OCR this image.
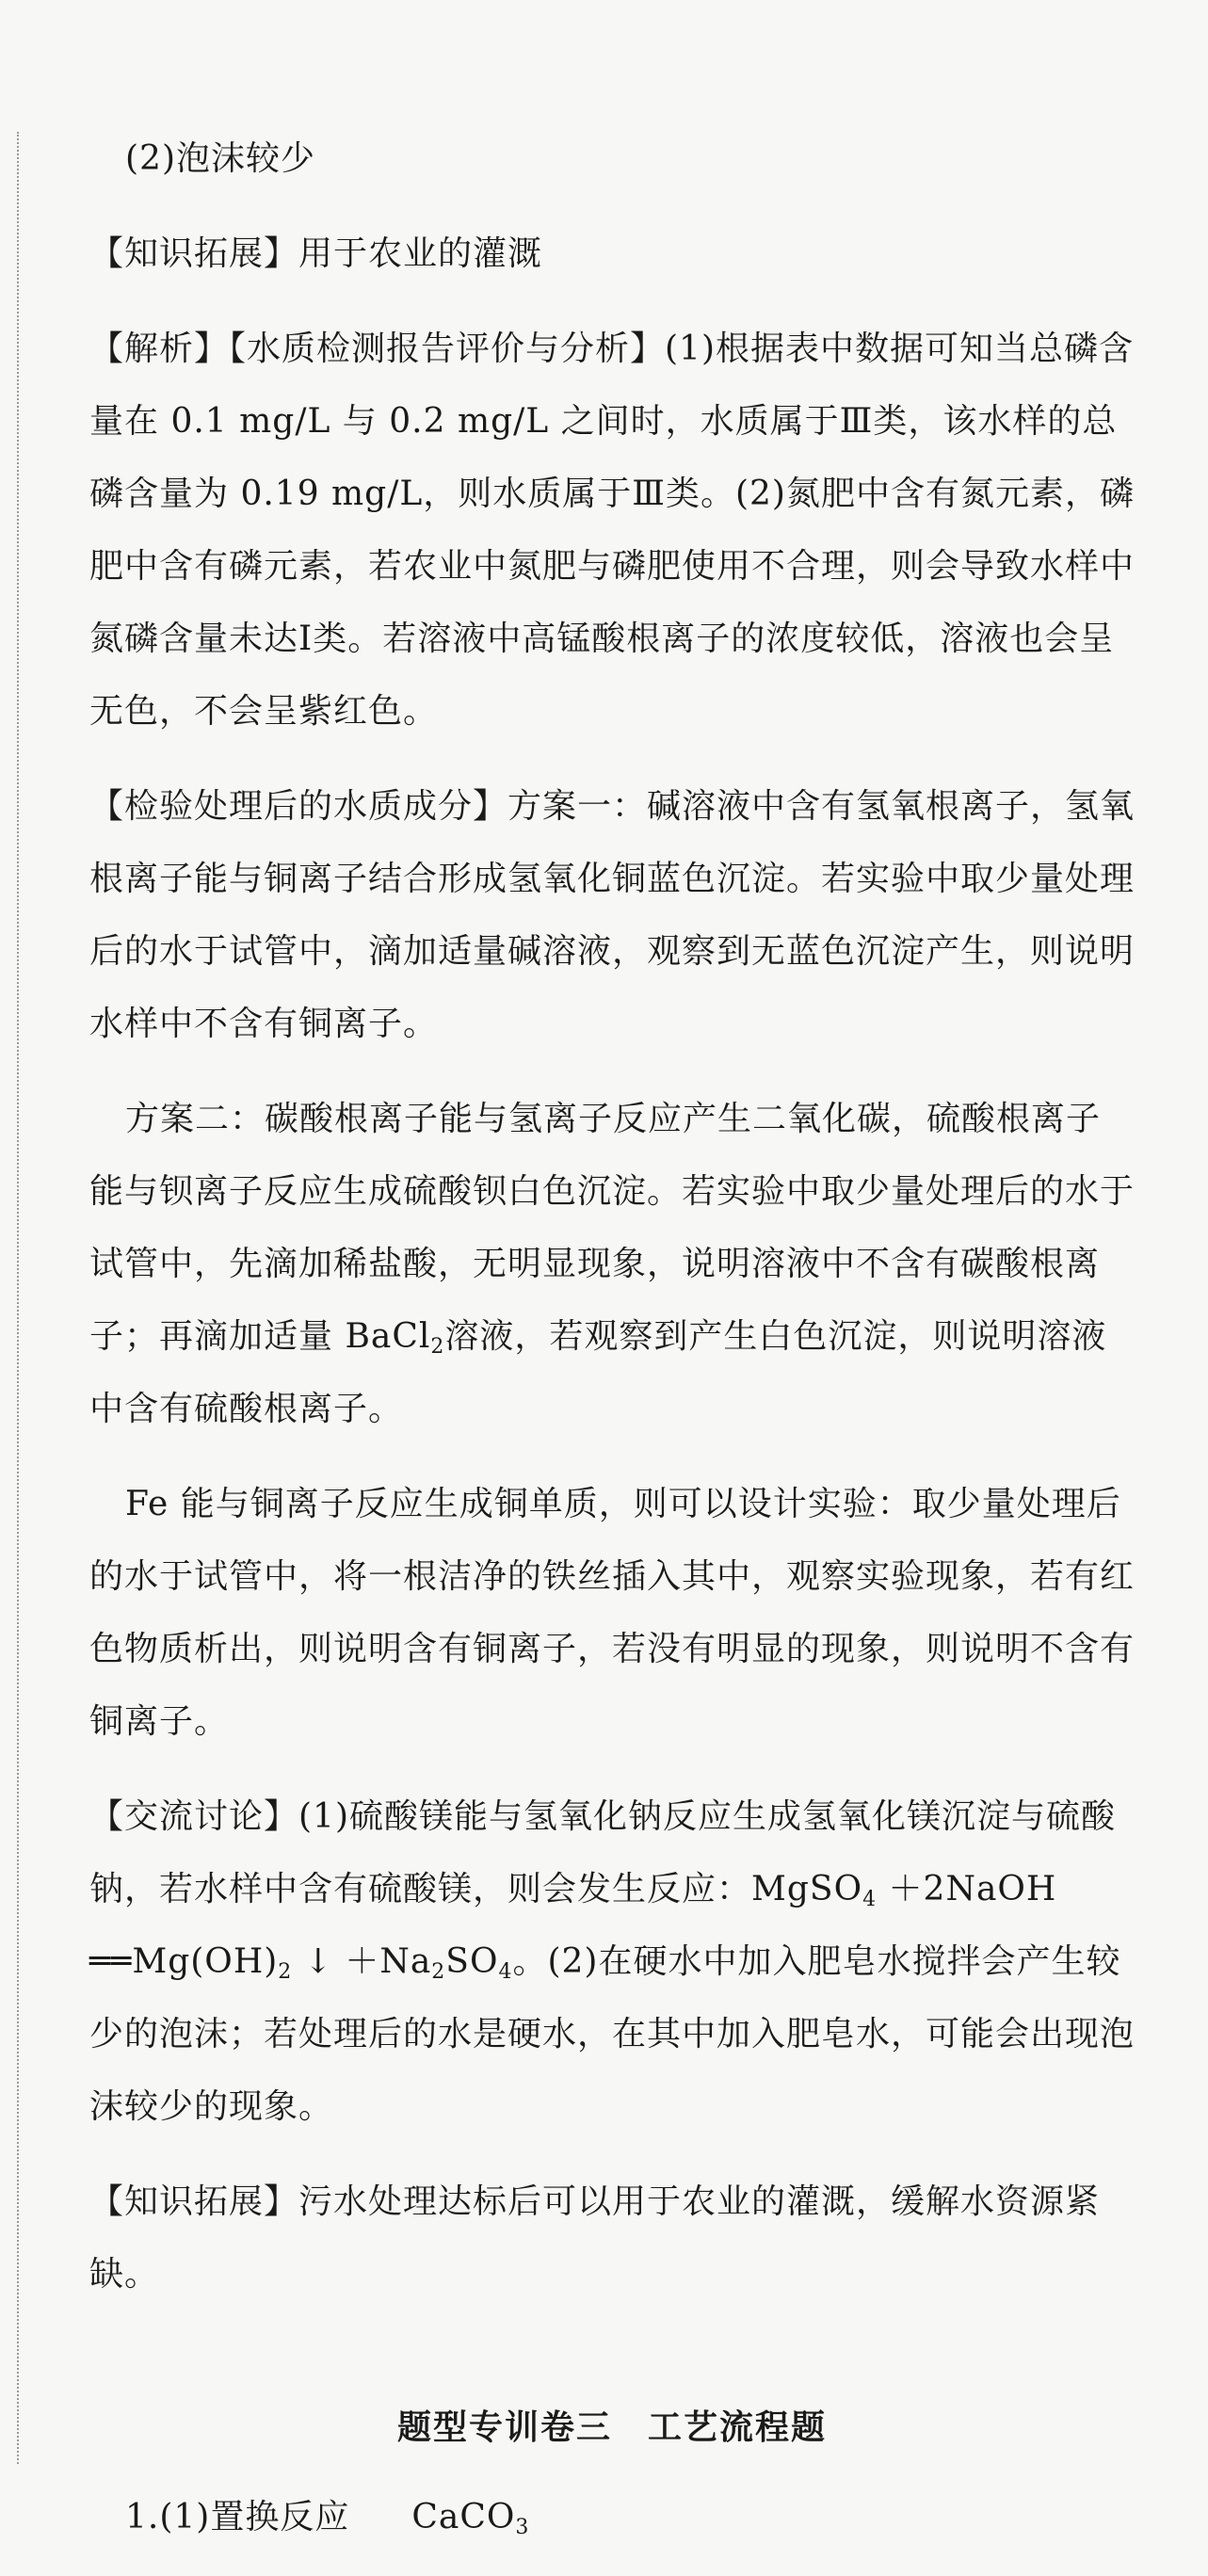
(2)泡沫较少

【知识拓展】用于农业的灌溉

【解析】【水质检测报告评价与分析】(1)根据表中数据可知当总磷含量在 0.1 mg/L 与 0.2 mg/L 之间时，水质属于Ⅲ类，该水样的总磷含量为 0.19 mg/L，则水质属于Ⅲ类。(2)氮肥中含有氮元素，磷肥中含有磷元素，若农业中氮肥与磷肥使用不合理，则会导致水样中氮磷含量未达Ⅰ类。若溶液中高锰酸根离子的浓度较低，溶液也会呈无色，不会呈紫红色。

【检验处理后的水质成分】方案一：碱溶液中含有氢氧根离子，氢氧根离子能与铜离子结合形成氢氧化铜蓝色沉淀。若实验中取少量处理后的水于试管中，滴加适量碱溶液，观察到无蓝色沉淀产生，则说明水样中不含有铜离子。

方案二：碳酸根离子能与氢离子反应产生二氧化碳，硫酸根离子能与钡离子反应生成硫酸钡白色沉淀。若实验中取少量处理后的水于试管中，先滴加稀盐酸，无明显现象，说明溶液中不含有碳酸根离子；再滴加适量 BaCl$_2$溶液，若观察到产生白色沉淀，则说明溶液中含有硫酸根离子。

Fe 能与铜离子反应生成铜单质，则可以设计实验：取少量处理后的水于试管中，将一根洁净的铁丝插入其中，观察实验现象，若有红色物质析出，则说明含有铜离子，若没有明显的现象，则说明不含有铜离子。

【交流讨论】(1)硫酸镁能与氢氧化钠反应生成氢氧化镁沉淀与硫酸钠，若水样中含有硫酸镁，则会发生反应：MgSO$_4$ ＋2NaOH $══Mg(OH)_2$ ↓ $+Na_2SO_4$。(2)在硬水中加入肥皂水搅拌会产生较少的泡沫；若处理后的水是硬水，在其中加入肥皂水，可能会出现泡沫较少的现象。

【知识拓展】污水处理达标后可以用于农业的灌溉，缓解水资源紧缺。

题型专训卷三　工艺流程题

1.(1)置换反应 CaCO$_3$
